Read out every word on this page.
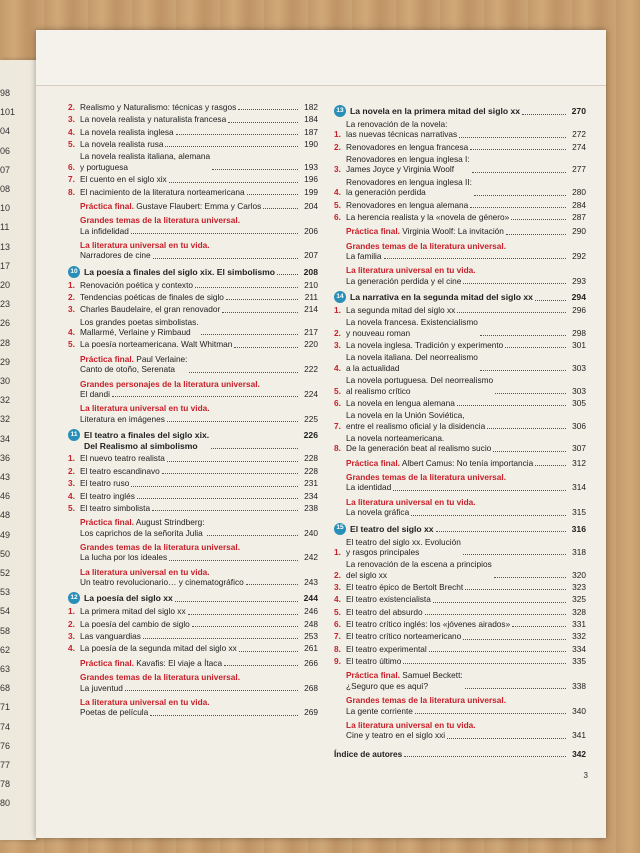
98
101
04
06
07
08
10
11
13
17
20
23
26
28
29
30
32
32
34
36
43
46
48
49
50
52
53
54
58
62
63
68
71
74
76
77
78
80
2. Realismo y Naturalismo: técnicas y rasgos	182
3. La novela realista y naturalista francesa	184
4. La novela realista inglesa	187
5. La novela realista rusa	190
6.
La novela realista italiana, alemana
y portuguesa	193
7. El cuento en el siglo xix	196
8. El nacimiento de la literatura norteamericana	199
Práctica final. Gustave Flaubert: Emma y Carlos	204
Grandes temas de la literatura universal.
La infidelidad	206
La literatura universal en tu vida.
Narradores de cine	207
10 La poesía a finales del siglo xix. El simbolismo	208
1. Renovación poética y contexto	210
2. Tendencias poéticas de finales de siglo	211
3. Charles Baudelaire, el gran renovador	214
4.
Los grandes poetas simbolistas.
Mallarmé, Verlaine y Rimbaud	217
5. La poesía norteamericana. Walt Whitman	220
Práctica final. Paul Verlaine:
Canto de otoño, Serenata	222
Grandes personajes de la literatura universal.
El dandi	224
La literatura universal en tu vida.
Literatura en imágenes	225
11 El teatro a finales del siglo xix.
Del Realismo al simbolismo
226
1. El nuevo teatro realista	228
2. El teatro escandinavo	228
3. El teatro ruso	231
4. El teatro inglés	234
5. El teatro simbolista	238
Práctica final. August Strindberg:
Los caprichos de la señorita Julia	240
Grandes temas de la literatura universal.
La lucha por los ideales	242
La literatura universal en tu vida.
Un teatro revolucionario… y cinematográfico	243
12 La poesía del siglo xx	244
1. La primera mitad del siglo xx	246
2. La poesía del cambio de siglo	248
3. Las vanguardias	253
4. La poesía de la segunda mitad del siglo xx	261
Práctica final. Kavafis: El viaje a Ítaca	266
Grandes temas de la literatura universal.
La juventud	268
La literatura universal en tu vida.
Poetas de película	269
13 La novela en la primera mitad del siglo xx	270
1.
La renovación de la novela:
las nuevas técnicas narrativas	272
2. Renovadores en lengua francesa	274
3.
Renovadores en lengua inglesa I:
James Joyce y Virginia Woolf	277
4.
Renovadores en lengua inglesa II:
la generación perdida	280
5. Renovadores en lengua alemana	284
6. La herencia realista y la «novela de género»	287
Práctica final. Virginia Woolf: La invitación	290
Grandes temas de la literatura universal.
La familia	292
La literatura universal en tu vida.
La generación perdida y el cine	293
14 La narrativa en la segunda mitad del siglo xx	294
1. La segunda mitad del siglo xx	296
2.
La novela francesa. Existencialismo
y nouveau roman	298
3. La novela inglesa. Tradición y experimento	301
4.
La novela italiana. Del neorrealismo
a la actualidad	303
5.
La novela portuguesa. Del neorrealismo
al realismo crítico	303
6. La novela en lengua alemana	305
7.
La novela en la Unión Soviética,
entre el realismo oficial y la disidencia	306
8.
La novela norteamericana.
De la generación beat al realismo sucio	307
Práctica final. Albert Camus: No tenía importancia	312
Grandes temas de la literatura universal.
La identidad	314
La literatura universal en tu vida.
La novela gráfica	315
15 El teatro del siglo xx	316
1.
El teatro del siglo xx. Evolución
y rasgos principales	318
2.
La renovación de la escena a principios
del siglo xx	320
3. El teatro épico de Bertolt Brecht	323
4. El teatro existencialista	325
5. El teatro del absurdo	328
6. El teatro crítico inglés: los «jóvenes airados»	331
7. El teatro crítico norteamericano	332
8. El teatro experimental	334
9. El teatro último	335
Práctica final. Samuel Beckett:
¿Seguro que es aquí?	338
Grandes temas de la literatura universal.
La gente corriente	340
La literatura universal en tu vida.
Cine y teatro en el siglo xxi	341
Índice de autores	342
3
